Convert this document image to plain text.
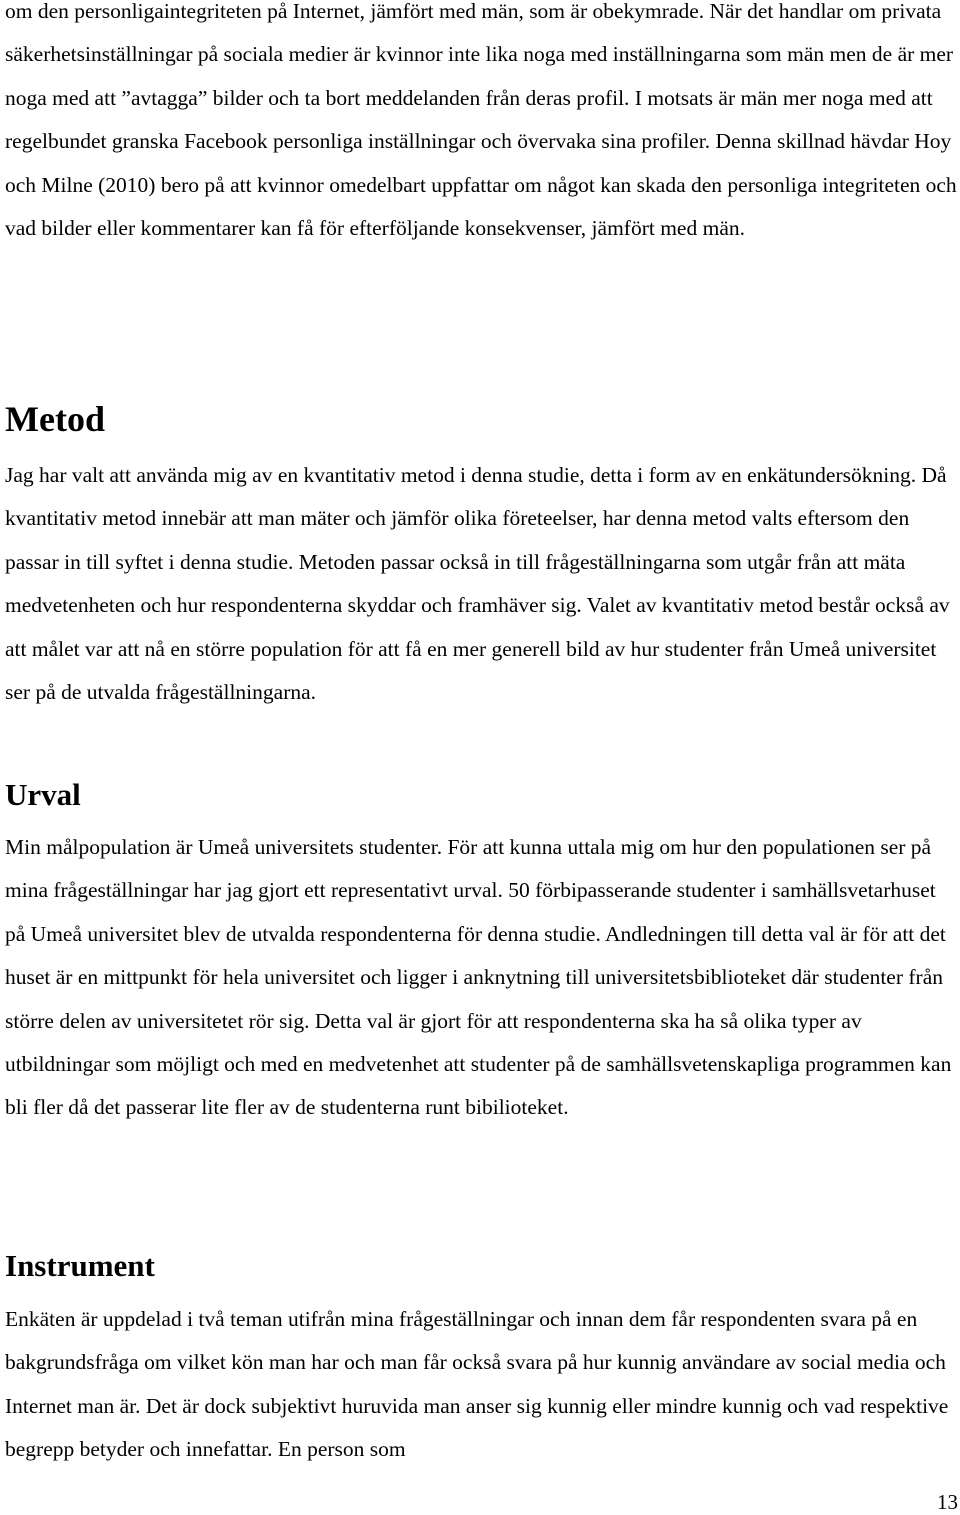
om den personligaintegriteten på Internet, jämfört med män, som är obekymrade. När det handlar om privata säkerhetsinställningar på sociala medier är kvinnor inte lika noga med inställningarna som män men de är mer noga med att ”avtagga” bilder och ta bort meddelanden från deras profil. I motsats är män mer noga med att regelbundet granska Facebook personliga inställningar och övervaka sina profiler. Denna skillnad hävdar Hoy och Milne (2010) bero på att kvinnor omedelbart uppfattar om något kan skada den personliga integriteten och vad bilder eller kommentarer kan få för efterföljande konsekvenser, jämfört med män.

Metod

Jag har valt att använda mig av en kvantitativ metod i denna studie, detta i form av en enkätundersökning. Då kvantitativ metod innebär att man mäter och jämför olika företeelser, har denna metod valts eftersom den passar in till syftet i denna studie. Metoden passar också in till frågeställningarna som utgår från att mäta medvetenheten och hur respondenterna skyddar och framhäver sig. Valet av kvantitativ metod består också av att målet var att nå en större population för att få en mer generell bild av hur studenter från Umeå universitet ser på de utvalda frågeställningarna.

Urval

Min målpopulation är Umeå universitets studenter. För att kunna uttala mig om hur den populationen ser på mina frågeställningar har jag gjort ett representativt urval. 50 förbipasserande studenter i samhällsvetarhuset på Umeå universitet blev de utvalda respondenterna för denna studie. Andledningen till detta val är för att det huset är en mittpunkt för hela universitet och ligger i anknytning till universitetsbiblioteket där studenter från större delen av universitetet rör sig. Detta val är gjort för att respondenterna ska ha så olika typer av utbildningar som möjligt och med en medvetenhet att studenter på de samhällsvetenskapliga programmen kan bli fler då det passerar lite fler av de studenterna runt bibilioteket.

Instrument

Enkäten är uppdelad i två teman utifrån mina frågeställningar och innan dem får respondenten svara på en bakgrundsfråga om vilket kön man har och man får också svara på hur kunnig användare av social media och Internet man är. Det är dock subjektivt huruvida man anser sig kunnig eller mindre kunnig och vad respektive begrepp betyder och innefattar. En person som

13
